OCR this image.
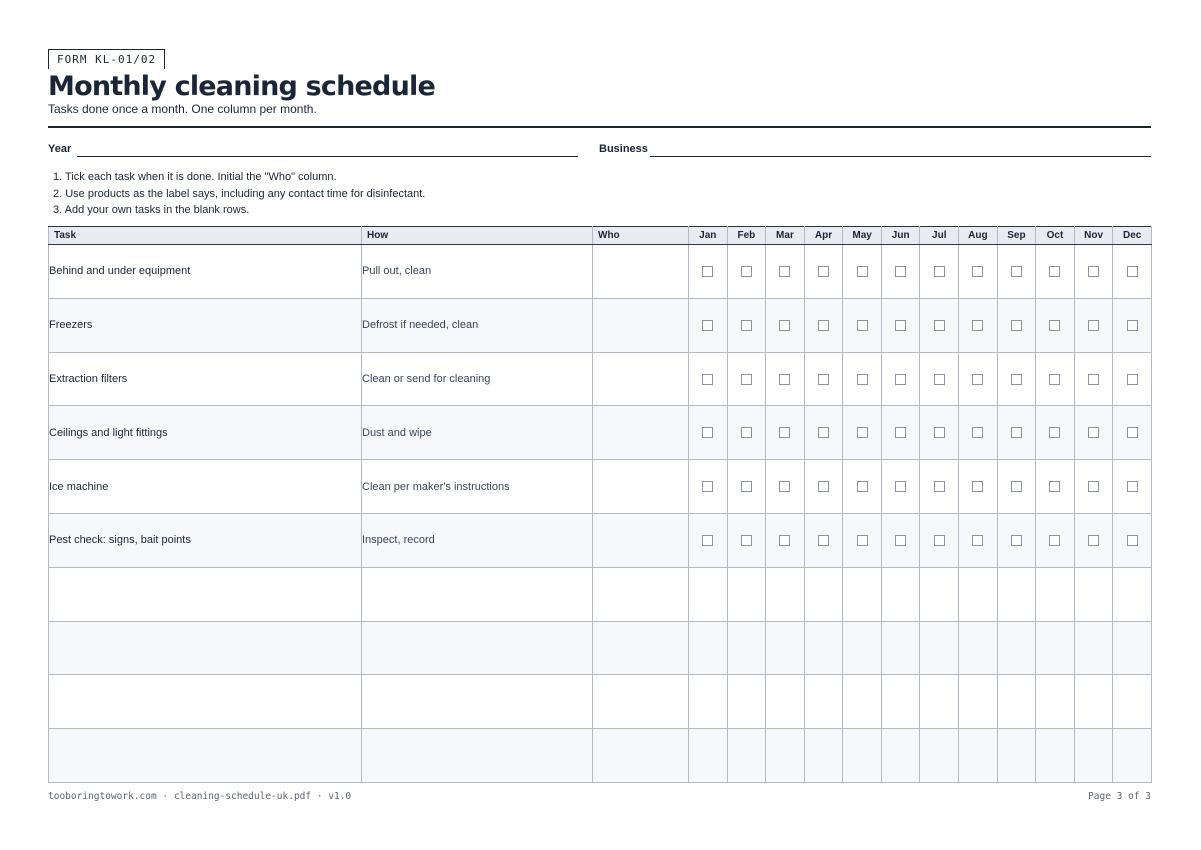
FORM KL-01/02
Monthly cleaning schedule
Tasks done once a month. One column per month.
Year	Business
1. Tick each task when it is done. Initial the "Who" column.
2. Use products as the label says, including any contact time for disinfectant.
3. Add your own tasks in the blank rows.
Task	How	Who	Jan	Feb	Mar	Apr	May	Jun	Jul	Aug	Sep	Oct	Nov	Dec
Behind and under equipment	Pull out, clean													
Freezers	Defrost if needed, clean													
Extraction filters	Clean or send for cleaning													
Ceilings and light fittings	Dust and wipe													
Ice machine	Clean per maker's instructions													
Pest check: signs, bait points	Inspect, record													

tooboringtowork.com · cleaning-schedule-uk.pdf · v1.0	Page 3 of 3
